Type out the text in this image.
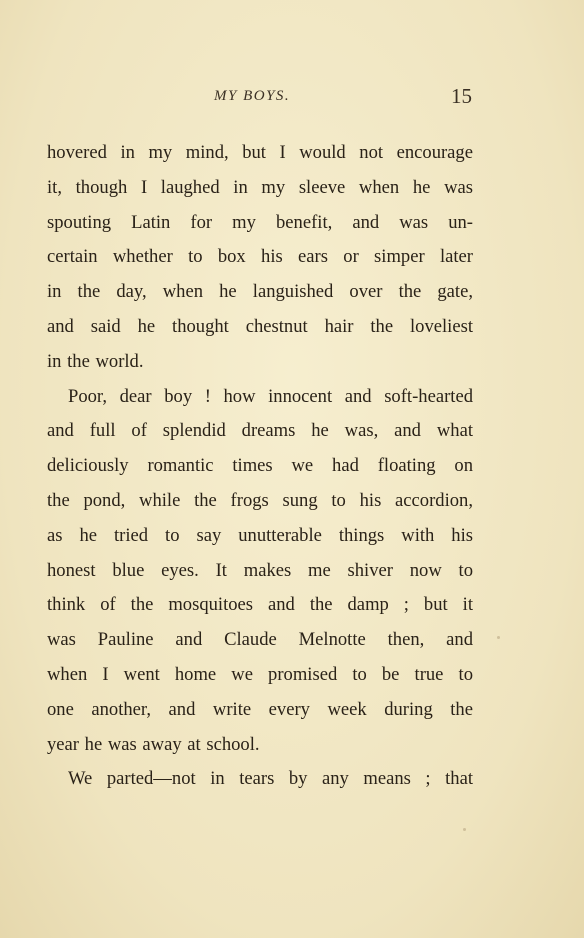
MY BOYS.	15
hovered in my mind, but I would not encourage
it, though I laughed in my sleeve when he was
spouting Latin for my benefit, and was un-
certain whether to box his ears or simper later
in the day, when he languished over the gate,
and said he thought chestnut hair the loveliest
in the world.
Poor, dear boy ! how innocent and soft-hearted
and full of splendid dreams he was, and what
deliciously romantic times we had floating on
the pond, while the frogs sung to his accordion,
as he tried to say unutterable things with his
honest blue eyes. It makes me shiver now to
think of the mosquitoes and the damp ; but it
was Pauline and Claude Melnotte then, and
when I went home we promised to be true to
one another, and write every week during the
year he was away at school.
We parted—not in tears by any means ; that
